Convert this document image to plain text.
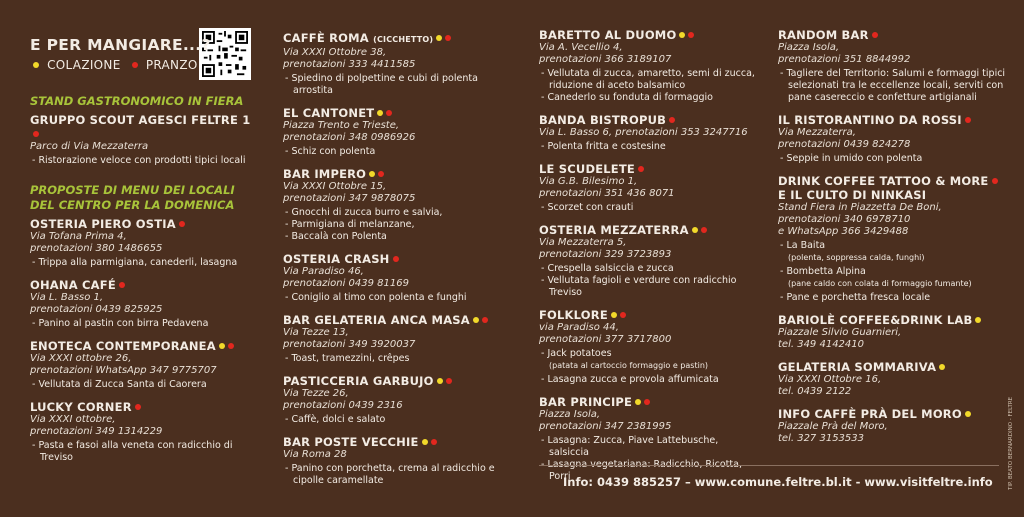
E PER MANGIARE...?
COLAZIONE PRANZO
STAND GASTRONOMICO IN FIERA
GRUPPO SCOUT AGESCI FELTRE 1
Parco di Via Mezzaterra
- Ristorazione veloce con prodotti tipici locali
PROPOSTE DI MENU DEI LOCALI DEL CENTRO PER LA DOMENICA
OSTERIA PIERO OSTIA
Via Tofana Prima 4,
prenotazioni 380 1486655
- Trippa alla parmigiana, canederli, lasagna
OHANA CAFÉ
Via L. Basso 1,
prenotazioni 0439 825925
- Panino al pastin con birra Pedavena
ENOTECA CONTEMPORANEA
Via XXXI ottobre 26,
prenotazioni WhatsApp 347 9775707
- Vellutata di Zucca Santa di Caorera
LUCKY CORNER
Via XXXI ottobre,
prenotazioni 349 1314229
- Pasta e fasoi alla veneta con radicchio di Treviso
CAFFÈ ROMA (CICCHETTO)
Via XXXI Ottobre 38,
prenotazioni 333 4411585
- Spiedino di polpettine e cubi di polenta arrostita
EL CANTONET
Piazza Trento e Trieste,
prenotazioni 348 0986926
- Schiz con polenta
BAR IMPERO
Via XXXI Ottobre 15,
prenotazioni 347 9878075
- Gnocchi di zucca burro e salvia,
- Parmigiana di melanzane,
- Baccalà con Polenta
OSTERIA CRASH
Via Paradiso 46,
prenotazioni 0439 81169
- Coniglio al timo con polenta e funghi
BAR GELATERIA ANCA MASA
Via Tezze 13,
prenotazioni 349 3920037
- Toast, tramezzini, crêpes
PASTICCERIA GARBUJO
Via Tezze 26,
prenotazioni 0439 2316
- Caffè, dolci e salato
BAR POSTE VECCHIE
Via Roma 28
- Panino con porchetta, crema al radicchio e cipolle caramellate
BARETTO AL DUOMO
Via A. Vecellio 4,
prenotazioni 366 3189107
- Vellutata di zucca, amaretto, semi di zucca, riduzione di aceto balsamico
- Canederlo su fonduta di formaggio
BANDA BISTROPUB
Via L. Basso 6, prenotazioni 353 3247716
- Polenta fritta e costesine
LE SCUDELETE
Via G.B. Bilesimo 1,
prenotazioni 351 436 8071
- Scorzet con crauti
OSTERIA MEZZATERRA
Via Mezzaterra 5,
prenotazioni 329 3723893
- Crespella salsiccia e zucca
- Vellutata fagioli e verdure con radicchio Treviso
FOLKLORE
via Paradiso 44,
prenotazioni 377 3717800
- Jack potatoes
(patata al cartoccio formaggio e pastin)
- Lasagna zucca e provola affumicata
BAR PRINCIPE
Piazza Isola,
prenotazioni 347 2381995
- Lasagna: Zucca, Piave Lattebusche, salsiccia
Porri
RANDOM BAR
Piazza Isola,
prenotazioni 351 8844992
- Tagliere del Territorio: Salumi e formaggi tipici selezionati tra le eccellenze locali, serviti con pane casereccio e confetture artigianali
IL RISTORANTINO DA ROSSI
Via Mezzaterra,
prenotazioni 0439 824278
- Seppie in umido con polenta
DRINK COFFEE TATTOO & MORE
E IL CULTO DI NINKASI
Stand Fiera in Piazzetta De Boni,
prenotazioni 340 6978710
e WhatsApp 366 3429488
- La Baita
(polenta, soppressa calda, funghi)
- Bombetta Alpina
(pane caldo con colata di formaggio fumante)
- Pane e porchetta fresca locale
BARIOLÈ COFFEE&DRINK LAB
Piazzale Silvio Guarnieri,
tel. 349 4142410
GELATERIA SOMMARIVA
Via XXXI Ottobre 16,
tel. 0439 2122
INFO CAFFÈ PRÀ DEL MORO
Piazzale Prà del Moro,
tel. 327 3153533
Info: 0439 885257 – www.comune.feltre.bl.it - www.visitfeltre.info	TIP. BEATO BERNARDINO - FELTRE
